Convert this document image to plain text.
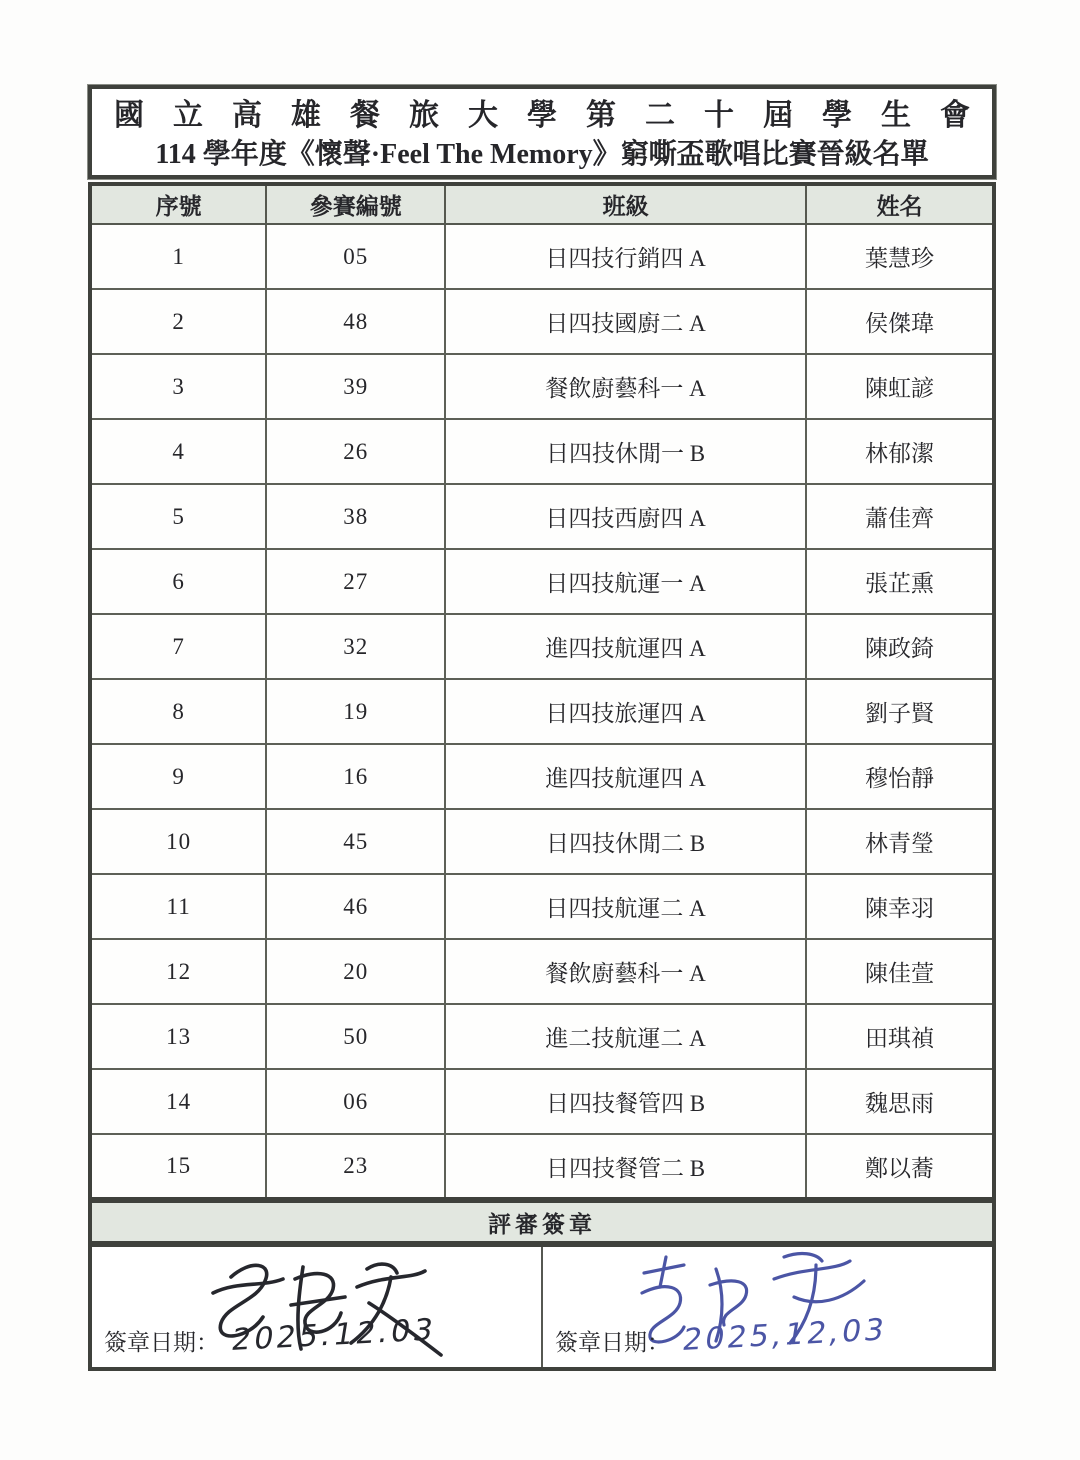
國 立 高 雄 餐 旅 大 學 第 二 十 屆 學 生 會
114 學年度《懷聲·Feel The Memory》窮嘶盃歌唱比賽晉級名單
序號	參賽編號	班級	姓名
1	05	日四技行銷四 A	葉慧珍
2	48	日四技國廚二 A	侯傑瑋
3	39	餐飲廚藝科一 A	陳虹諺
4	26	日四技休閒一 B	林郁潔
5	38	日四技西廚四 A	蕭佳齊
6	27	日四技航運一 A	張芷熏
7	32	進四技航運四 A	陳政錡
8	19	日四技旅運四 A	劉子賢
9	16	進四技航運四 A	穆怡靜
10	45	日四技休閒二 B	林青瑩
11	46	日四技航運二 A	陳幸羽
12	20	餐飲廚藝科一 A	陳佳萱
13	50	進二技航運二 A	田琪禎
14	06	日四技餐管四 B	魏思雨
15	23	日四技餐管二 B	鄭以蕎
評審簽章
簽章日期： 2025.12.03	簽章日期： 2025,12,03
